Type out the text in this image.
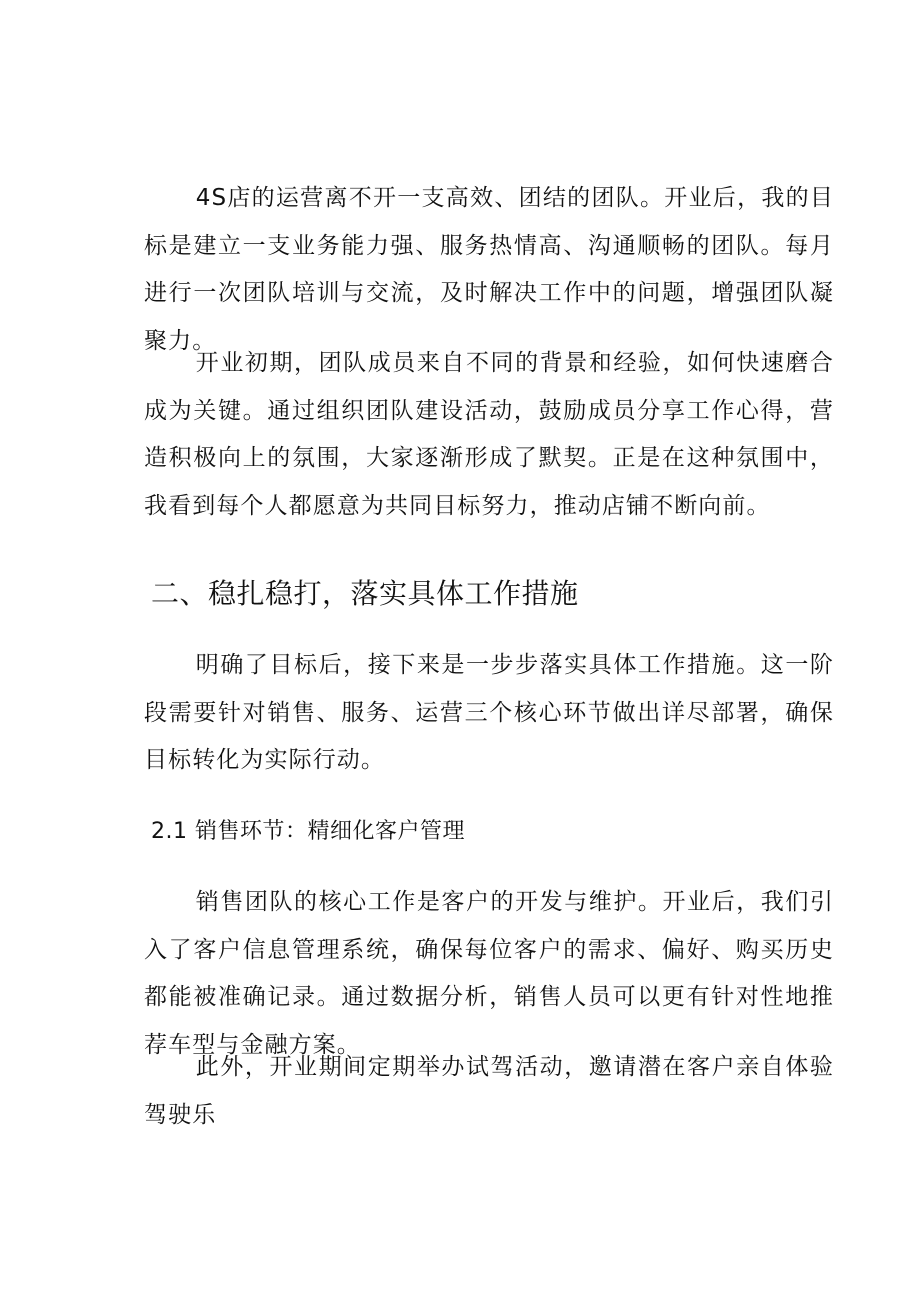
4S店的运营离不开一支高效、团结的团队。开业后，我的目标是建立一支业务能力强、服务热情高、沟通顺畅的团队。每月进行一次团队培训与交流，及时解决工作中的问题，增强团队凝聚力。

开业初期，团队成员来自不同的背景和经验，如何快速磨合成为关键。通过组织团队建设活动，鼓励成员分享工作心得，营造积极向上的氛围，大家逐渐形成了默契。正是在这种氛围中，我看到每个人都愿意为共同目标努力，推动店铺不断向前。

二、稳扎稳打，落实具体工作措施

明确了目标后，接下来是一步步落实具体工作措施。这一阶段需要针对销售、服务、运营三个核心环节做出详尽部署，确保目标转化为实际行动。

2.1 销售环节：精细化客户管理

销售团队的核心工作是客户的开发与维护。开业后，我们引入了客户信息管理系统，确保每位客户的需求、偏好、购买历史都能被准确记录。通过数据分析，销售人员可以更有针对性地推荐车型与金融方案。

此外，开业期间定期举办试驾活动，邀请潜在客户亲自体验驾驶乐
